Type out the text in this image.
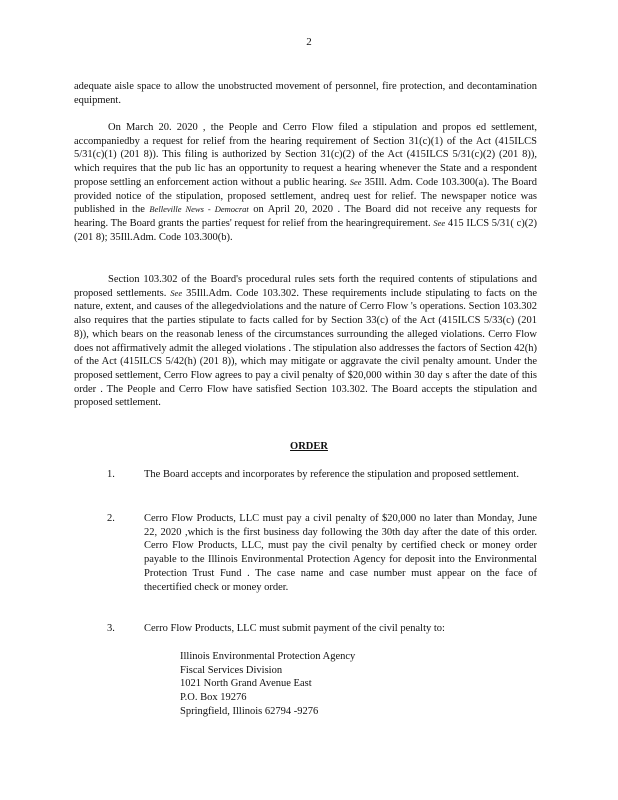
2

adequate aisle space to allow the unobstructed movement of personnel, fire protection, and decontamination equipment.

On March 20. 2020 , the People and Cerro Flow filed a stipulation and propos ed settlement, accompaniedby a request for relief from the hearing requirement of Section 31(c)(1) of the Act (415ILCS 5/31(c)(1) (201 8)). This filing is authorized by Section 31(c)(2) of the Act (415ILCS 5/31(c)(2) (201 8)), which requires that the pub lic has an opportunity to request a hearing whenever the State and a respondent propose settling an enforcement action without a public hearing. See 35Ill. Adm. Code 103.300(a). The Board provided notice of the stipulation, proposed settlement, andreq uest for relief. The newspaper notice was published in the Belleville News - Democrat on April 20, 2020 . The Board did not receive any requests for hearing. The Board grants the parties' request for relief from the hearingrequirement. See 415 ILCS 5/31( c)(2) (201 8); 35Ill.Adm. Code 103.300(b).

Section 103.302 of the Board's procedural rules sets forth the required contents of stipulations and proposed settlements. See 35Ill.Adm. Code 103.302. These requirements include stipulating to facts on the nature, extent, and causes of the allegedviolations and the nature of Cerro Flow 's operations. Section 103.302 also requires that the parties stipulate to facts called for by Section 33(c) of the Act (415ILCS 5/33(c) (201 8)), which bears on the reasonab leness of the circumstances surrounding the alleged violations. Cerro Flow does not affirmatively admit the alleged violations . The stipulation also addresses the factors of Section 42(h) of the Act (415ILCS 5/42(h) (201 8)), which may mitigate or aggravate the civil penalty amount. Under the proposed settlement, Cerro Flow agrees to pay a civil penalty of $20,000 within 30 day s after the date of this order . The People and Cerro Flow have satisfied Section 103.302. The Board accepts the stipulation and proposed settlement.

ORDER
1.	The Board accepts and incorporates by reference the stipulation and proposed settlement.
2.	Cerro Flow Products, LLC must pay a civil penalty of $20,000 no later than Monday, June 22, 2020 ,which is the first business day following the 30th day after the date of this order. Cerro Flow Products, LLC, must pay the civil penalty by certified check or money order payable to the Illinois Environmental Protection Agency for deposit into the Environmental Protection Trust Fund . The case name and case number must appear on the face of thecertified check or money order.
3.	Cerro Flow Products, LLC must submit payment of the civil penalty to:
Illinois Environmental Protection Agency
Fiscal Services Division
1021 North Grand Avenue East
P.O. Box 19276
Springfield, Illinois 62794 -9276
